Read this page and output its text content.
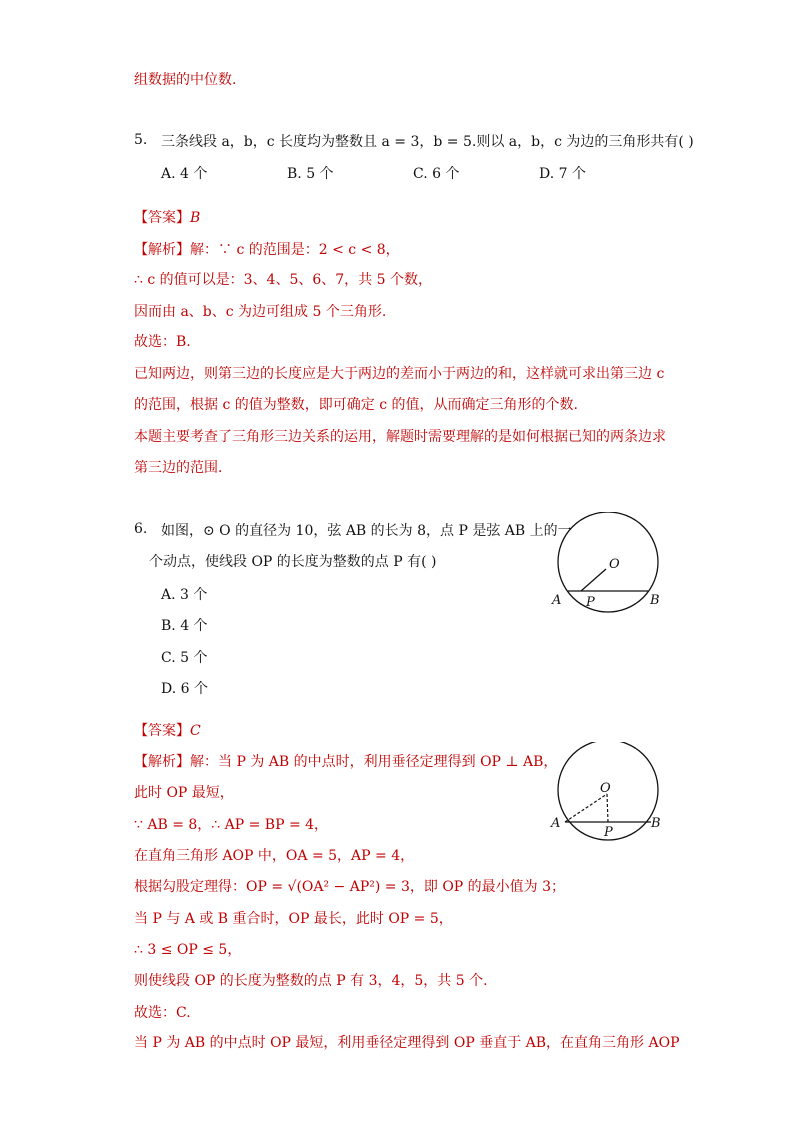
组数据的中位数.
5. 三条线段 a，b，c 长度均为整数且 a = 3，b = 5.则以 a，b，c 为边的三角形共有( )
A. 4 个	B. 5 个	C. 6 个	D. 7 个
【答案】B
【解析】解：∵ c 的范围是：2 < c < 8，
∴ c 的值可以是：3、4、5、6、7，共 5 个数，
因而由 a、b、c 为边可组成 5 个三角形.
故选：B.
已知两边，则第三边的长度应是大于两边的差而小于两边的和，这样就可求出第三边 c
的范围，根据 c 的值为整数，即可确定 c 的值，从而确定三角形的个数.
本题主要考查了三角形三边关系的运用，解题时需要理解的是如何根据已知的两条边求
第三边的范围.
6. 如图，⊙ O 的直径为 10，弦 AB 的长为 8，点 P 是弦 AB 上的一
个动点，使线段 OP 的长度为整数的点 P 有( )
A. 3 个
B. 4 个
C. 5 个
D. 6 个
O
A P	B
【答案】C
【解析】解：当 P 为 AB 的中点时，利用垂径定理得到 OP ⊥ AB，
此时 OP 最短，
∵ AB = 8，∴ AP = BP = 4，
在直角三角形 AOP 中，OA = 5，AP = 4，
根据勾股定理得：OP = √(OA² − AP²) = 3，即 OP 的最小值为 3；
当 P 与 A 或 B 重合时，OP 最长，此时 OP = 5，
∴ 3 ≤ OP ≤ 5，
则使线段 OP 的长度为整数的点 P 有 3，4，5，共 5 个.
故选：C.
当 P 为 AB 的中点时 OP 最短，利用垂径定理得到 OP 垂直于 AB，在直角三角形 AOP
O
A
P
B
